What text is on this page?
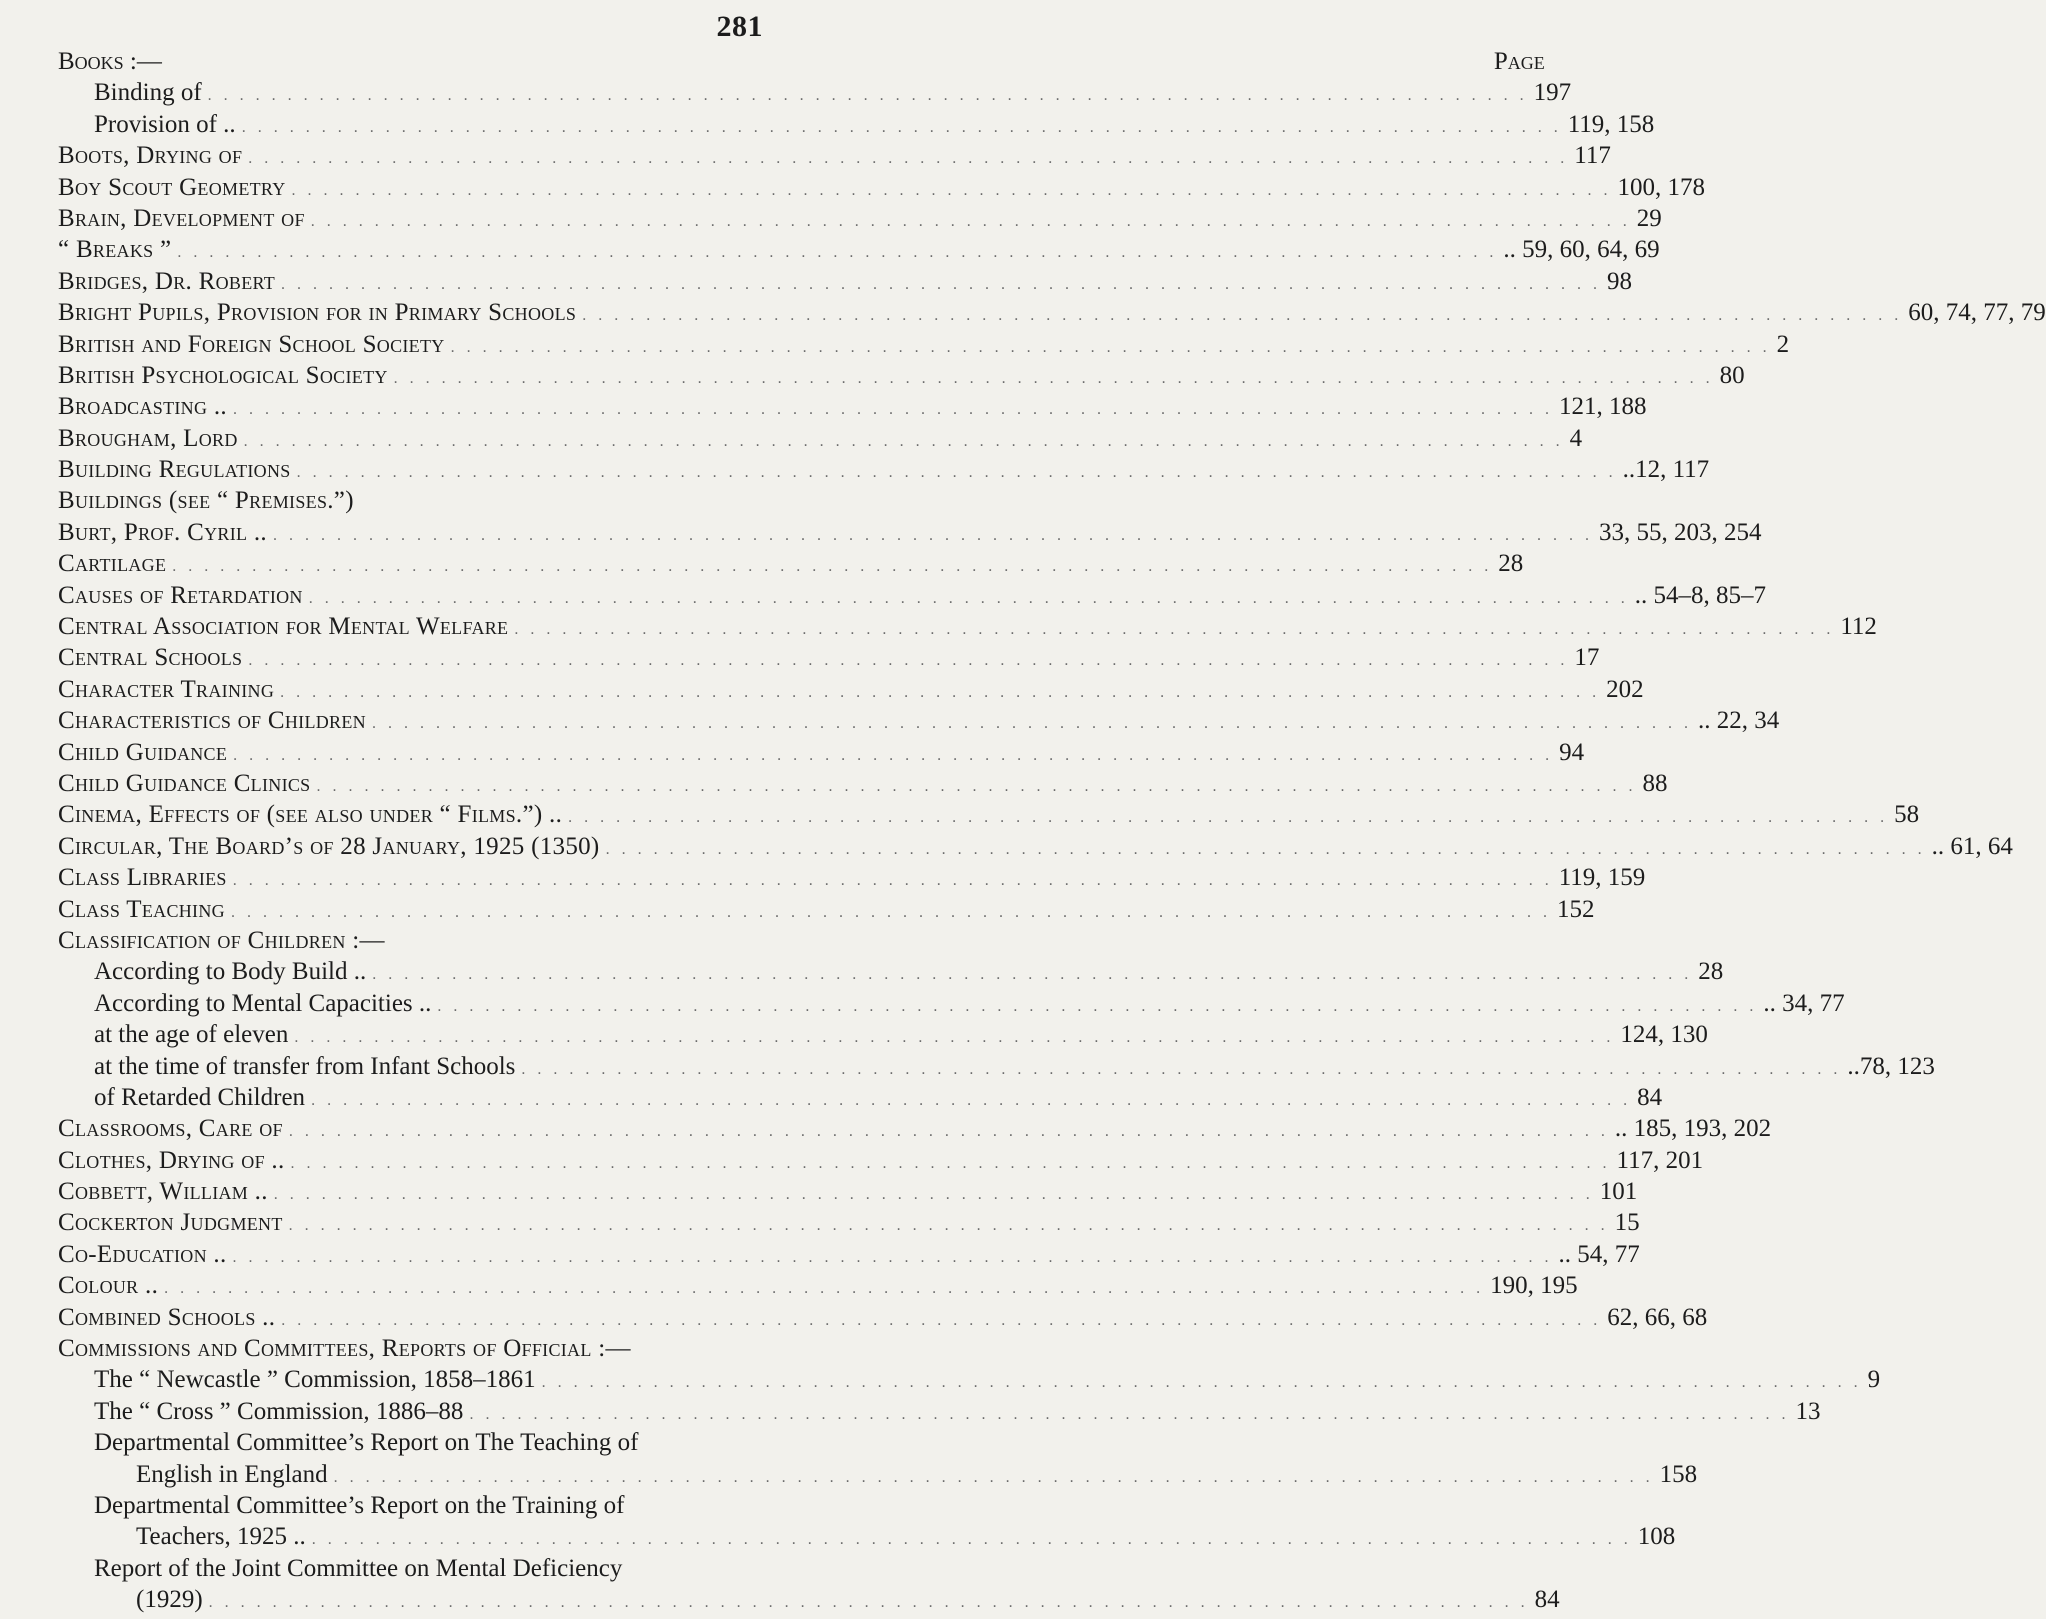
281
Books :—	Page
Binding of . . .	197
Provision of .. . . .	119, 158
Boots, Drying of . . .	117
Boy Scout Geometry . . .	100, 178
Brain, Development of . . .	29
“ Breaks ” . . .	.. 59, 60, 64, 69
Bridges, Dr. Robert . . .	98
Bright Pupils, Provision for in Primary Schools . . .	60, 74, 77, 79
British and Foreign School Society . . .	2
British Psychological Society . . .	80
Broadcasting .. . . .	121, 188
Brougham, Lord . . .	4
Building Regulations . . .	..12, 117
Buildings (see “ Premises.”)
Burt, Prof. Cyril .. . . .	33, 55, 203, 254
Cartilage . . .	28
Causes of Retardation . . .	.. 54–8, 85–7
Central Association for Mental Welfare . . .	112
Central Schools . . .	17
Character Training . . .	202
Characteristics of Children . . .	.. 22, 34
Child Guidance . . .	94
Child Guidance Clinics . . .	88
Cinema, Effects of (see also under “ Films.”) .. . . .	58
Circular, The Board’s of 28 January, 1925 (1350) . . .	.. 61, 64
Class Libraries . . .	119, 159
Class Teaching . . .	152
Classification of Children :—
According to Body Build .. . . .	28
According to Mental Capacities .. . . .	.. 34, 77
at the age of eleven . . .	124, 130
at the time of transfer from Infant Schools . . .	..78, 123
of Retarded Children . . .	84
Classrooms, Care of . . .	.. 185, 193, 202
Clothes, Drying of .. . . .	117, 201
Cobbett, William .. . . .	101
Cockerton Judgment . . .	15
Co-Education .. . . .	.. 54, 77
Colour .. . . .	190, 195
Combined Schools .. . . .	62, 66, 68
Commissions and Committees, Reports of Official :—
The “ Newcastle ” Commission, 1858–1861 . . .	9
The “ Cross ” Commission, 1886–88 . . .	13
Departmental Committee’s Report on The Teaching of
English in England . . .	158
Departmental Committee’s Report on the Training of
Teachers, 1925 .. . . .	108
Report of the Joint Committee on Mental Deficiency
(1929) . . .	84
